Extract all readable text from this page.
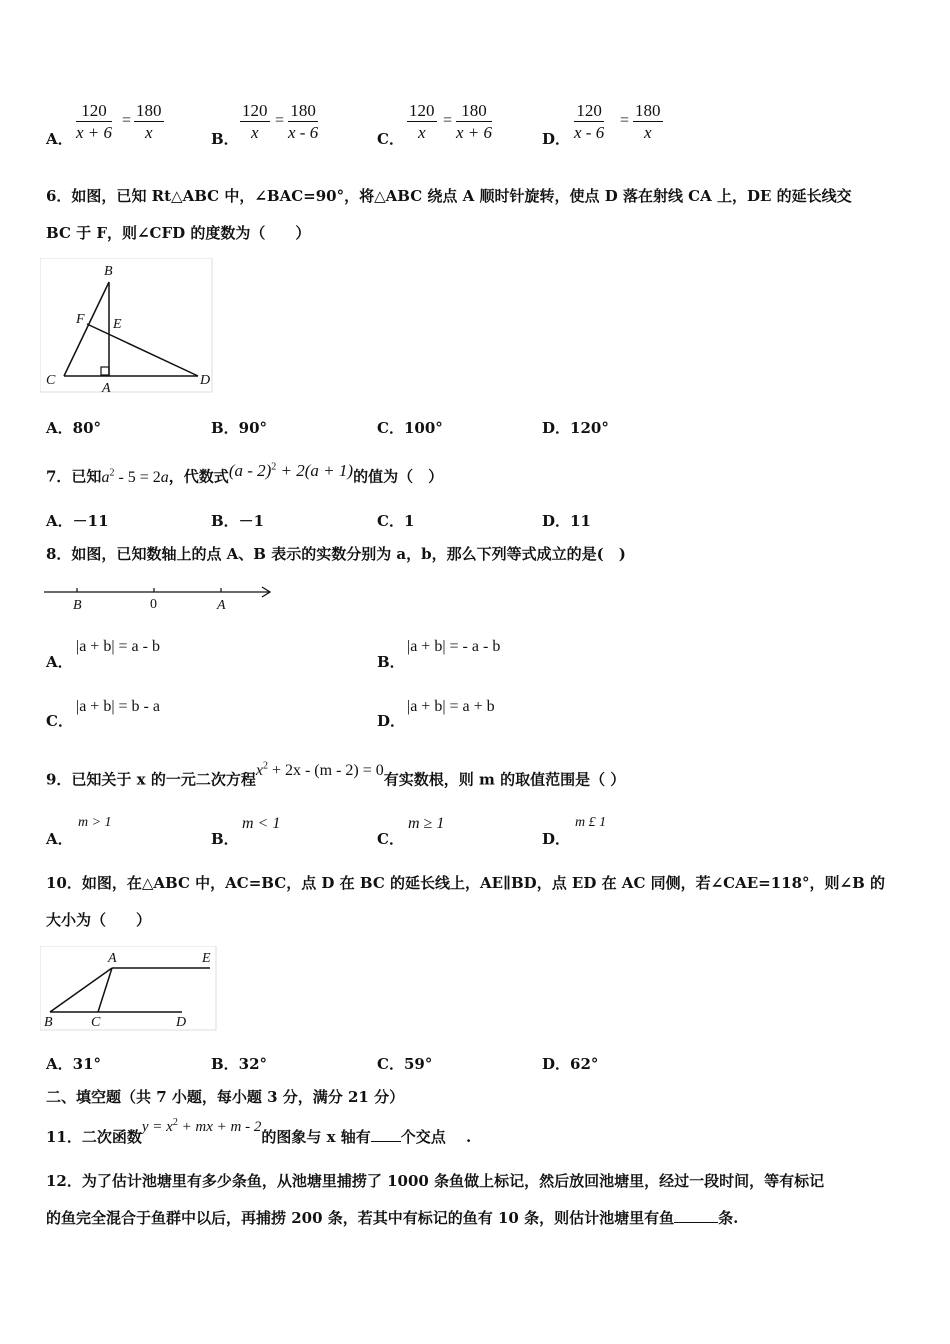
A． $\frac{120}{x + 6} = \frac{180}{x}$	B． $\frac{120}{x} = \frac{180}{x - 6}$	C． $\frac{120}{x} = \frac{180}{x + 6}$	D． $\frac{120}{x - 6} = \frac{180}{x}$
6．如图，已知 Rt△ABC 中，∠BAC=90°，将△ABC 绕点 A 顺时针旋转，使点 D 落在射线 CA 上，DE 的延长线交
BC 于 F，则∠CFD 的度数为（　　）
B
F E
C
A
D
A．80°	B．90°	C．100°	D．120°
7．已知$a^2 - 5 = 2a$，代数式(a - 2)$^2$ + 2(a + 1)的值为（　）
A．－11	B．－1	C．1	D．11
8．如图，已知数轴上的点 A、B 表示的实数分别为 a，b，那么下列等式成立的是(　)
B	0	A
A．
|a + b| = a - b
B．
|a + b| = - a - b
C．
|a + b| = b - a
D．
|a + b| = a + b
9．已知关于 x 的一元二次方程$x^2 + 2x - (m - 2) = 0$有实数根，则 m 的取值范围是（ ）
A．
m > 1
B．
m < 1
C．
m ≥ 1
D．
m £ 1
10．如图，在△ABC 中，AC=BC，点 D 在 BC 的延长线上，AE∥BD，点 ED 在 AC 同侧，若∠CAE=118°，则∠B 的
大小为（　　）
A	E
B	C	D
A．31°	B．32°	C．59°	D．62°
二、填空题（共 7 小题，每小题 3 分，满分 21 分）
11．二次函数$y = x^2$ + mx + m - 2的图象与 x 轴有 个交点　 .
12．为了估计池塘里有多少条鱼，从池塘里捕捞了 1000 条鱼做上标记，然后放回池塘里，经过一段时间，等有标记
的鱼完全混合于鱼群中以后，再捕捞 200 条，若其中有标记的鱼有 10 条，则估计池塘里有鱼	条.
